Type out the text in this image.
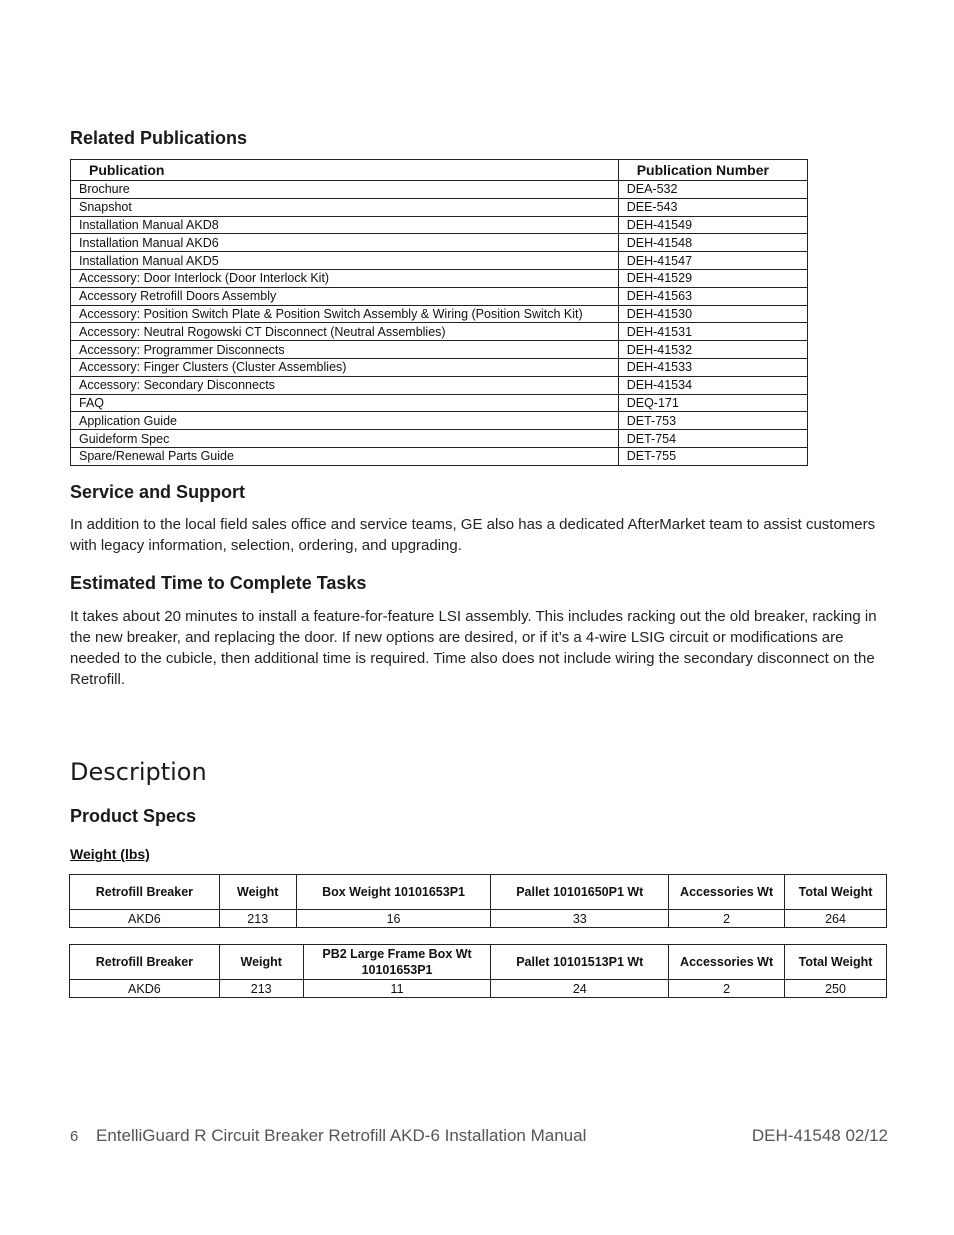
Related Publications
Publication	Publication Number
Brochure	DEA-532
Snapshot	DEE-543
Installation Manual AKD8	DEH-41549
Installation Manual AKD6	DEH-41548
Installation Manual AKD5	DEH-41547
Accessory: Door Interlock (Door Interlock Kit)	DEH-41529
Accessory Retrofill Doors Assembly	DEH-41563
Accessory: Position Switch Plate & Position Switch Assembly & Wiring (Position Switch Kit)	DEH-41530
Accessory: Neutral Rogowski CT Disconnect (Neutral Assemblies)	DEH-41531
Accessory: Programmer Disconnects	DEH-41532
Accessory: Finger Clusters (Cluster Assemblies)	DEH-41533
Accessory: Secondary Disconnects	DEH-41534
FAQ	DEQ-171
Application Guide	DET-753
Guideform Spec	DET-754
Spare/Renewal Parts Guide	DET-755
Service and Support

In addition to the local field sales office and service teams, GE also has a dedicated AfterMarket team to assist customers with legacy information, selection, ordering, and upgrading.

Estimated Time to Complete Tasks

It takes about 20 minutes to install a feature-for-feature LSI assembly. This includes racking out the old breaker, racking in the new breaker, and replacing the door. If new options are desired, or if it’s a 4-wire LSIG circuit or modifications are needed to the cubicle, then additional time is required. Time also does not include wiring the secondary disconnect on the Retrofill.

Description
Product Specs
Weight (lbs)
Retrofill Breaker	Weight	Box Weight 10101653P1	Pallet 10101650P1 Wt	Accessories Wt	Total Weight
AKD6	213	16	33	2	264
Retrofill Breaker	Weight	PB2 Large Frame Box Wt 10101653P1	Pallet 10101513P1 Wt	Accessories Wt	Total Weight
AKD6	213	11	24	2	250
6 EntelliGuard R Circuit Breaker Retrofill AKD-6 Installation Manual	DEH-41548 02/12
